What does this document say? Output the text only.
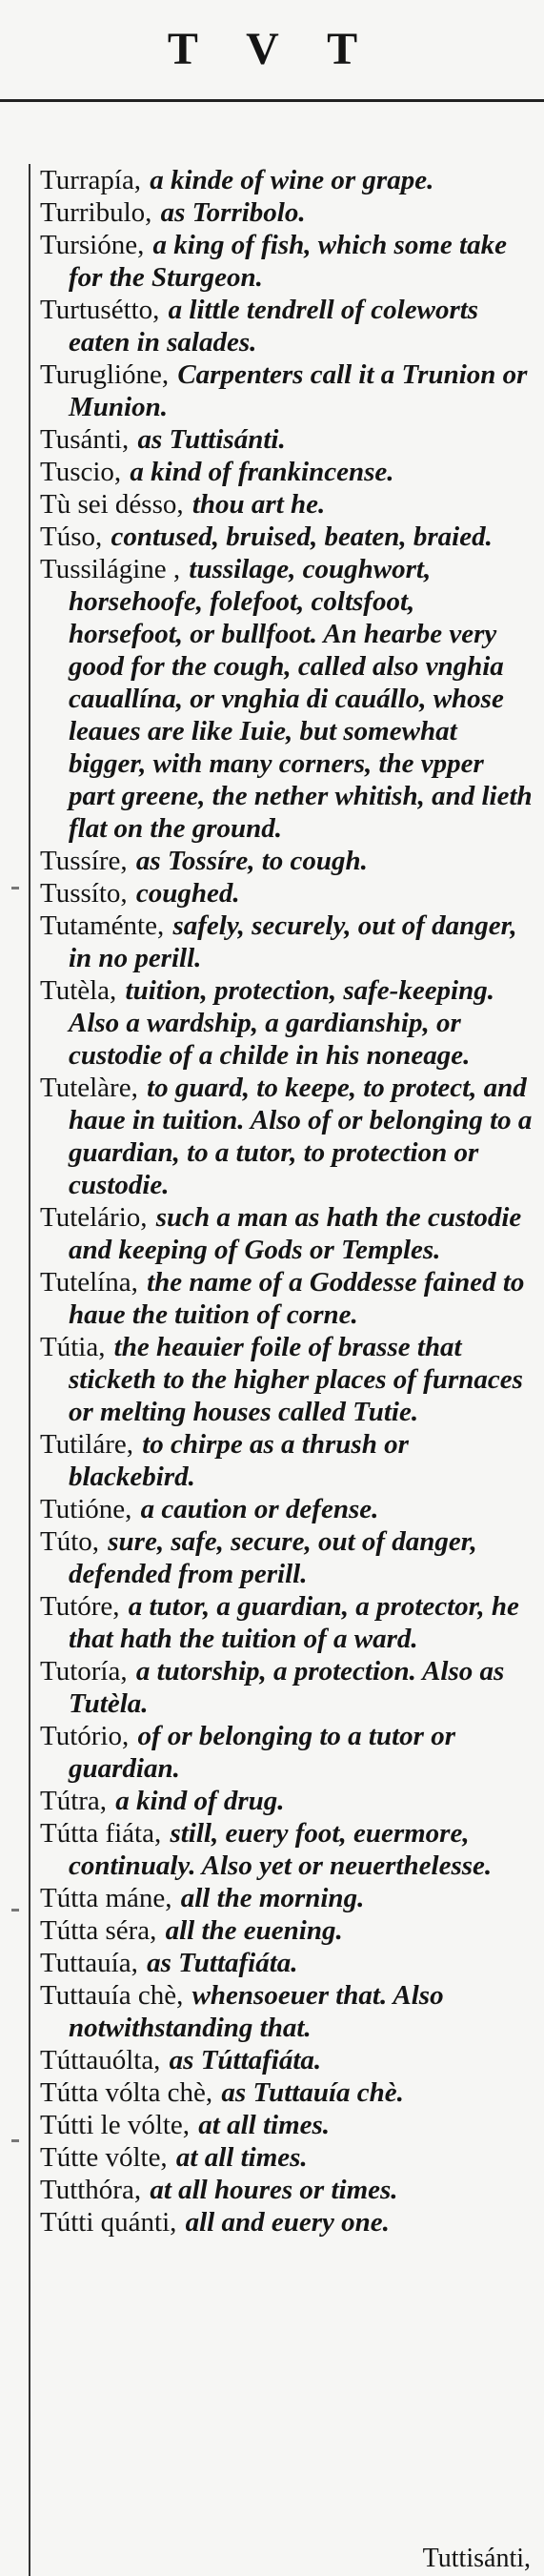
T V T

Turrapía, a kinde of wine or grape.

Turribulo, as Torribolo.

Tursióne, a king of fish, which some take for the Sturgeon.

Turtusétto, a little tendrell of coleworts eaten in salades.

Turuglióne, Carpenters call it a Trunion or Munion.

Tusánti, as Tuttisánti.

Tuscio, a kind of frankincense.

Tù sei désso, thou art he.

Túso, contused, bruised, beaten, braied.

Tussilágine , tussilage, coughwort, horsehoofe, folefoot, coltsfoot, horsefoot, or bullfoot. An hearbe very good for the cough, called also vnghia cauallína, or vnghia di cauállo, whose leaues are like Iuie, but somewhat bigger, with many corners, the vpper part greene, the nether whitish, and lieth flat on the ground.

Tussíre, as Tossíre, to cough.

Tussíto, coughed.

Tutaménte, safely, securely, out of danger, in no perill.

Tutèla, tuition, protection, safe-keeping. Also a wardship, a gardianship, or custodie of a childe in his noneage.

Tutelàre, to guard, to keepe, to protect, and haue in tuition. Also of or belonging to a guardian, to a tutor, to protection or custodie.

Tutelário, such a man as hath the custodie and keeping of Gods or Temples.

Tutelína, the name of a Goddesse fained to haue the tuition of corne.

Tútia, the heauier foile of brasse that sticketh to the higher places of furnaces or melting houses called Tutie.

Tutiláre, to chirpe as a thrush or blackebird.

Tutióne, a caution or defense.

Túto, sure, safe, secure, out of danger, defended from perill.

Tutóre, a tutor, a guardian, a protector, he that hath the tuition of a ward.

Tutoría, a tutorship, a protection. Also as Tutèla.

Tutório, of or belonging to a tutor or guardian.

Tútra, a kind of drug.

Tútta fiáta, still, euery foot, euermore, continualy. Also yet or neuerthelesse.

Tútta máne, all the morning.

Tútta séra, all the euening.

Tuttauía, as Tuttafiáta.

Tuttauía chè, whensoeuer that. Also notwithstanding that.

Túttauólta, as Túttafiáta.

Tútta vólta chè, as Tuttauía chè.

Tútti le vólte, at all times.

Tútte vólte, at all times.

Tutthóra, at all houres or times.

Tútti quánti, all and euery one.

Tuttisánti,
